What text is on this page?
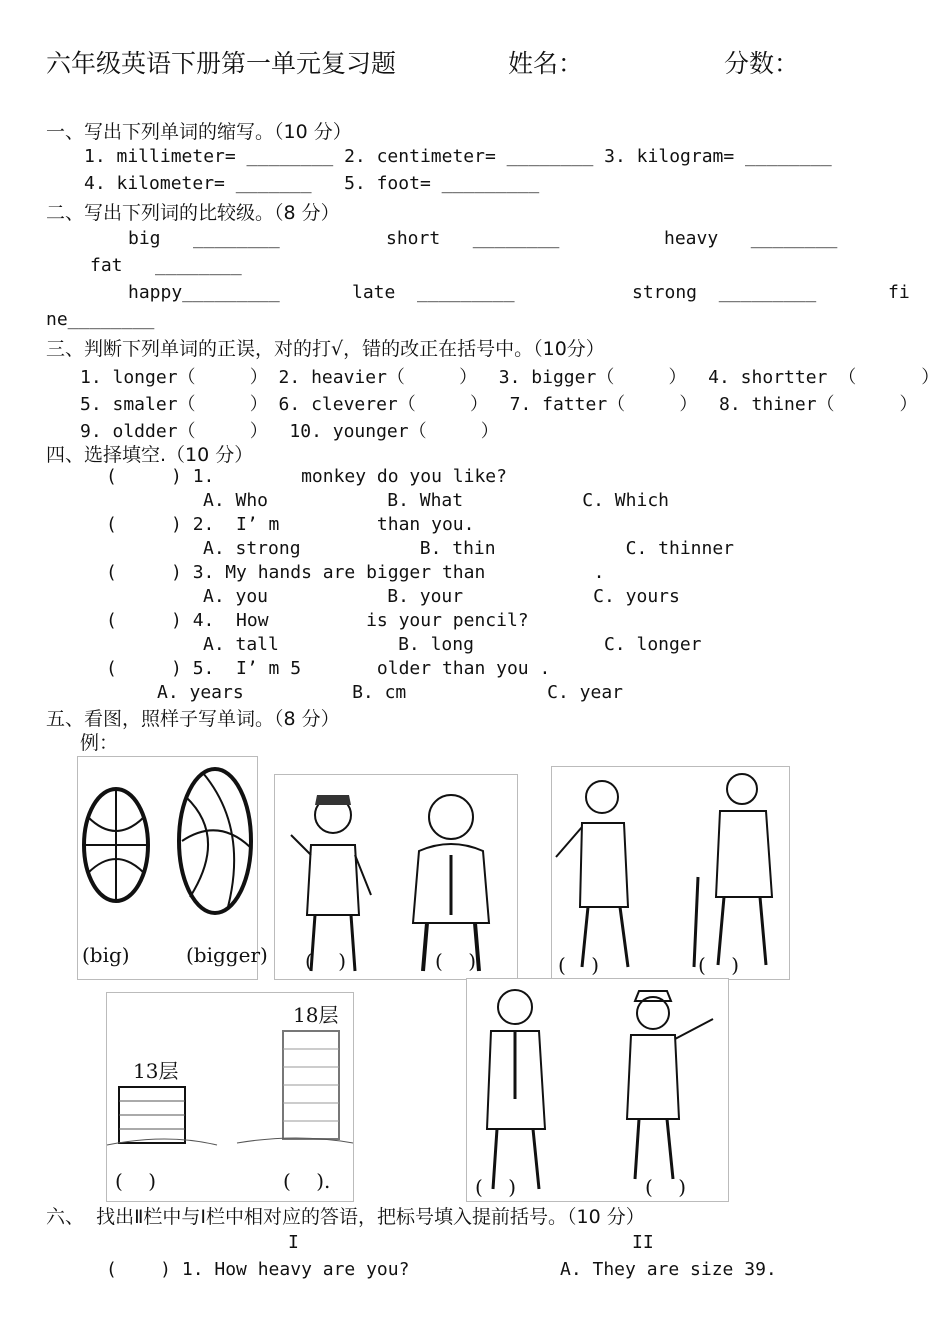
六年级英语下册第一单元复习题	姓名：	分数：
一、写出下列单词的缩写。（10 分）
1. millimeter= ________ 2. centimeter= ________ 3. kilogram= ________
4. kilometer= _______   5. foot= _________
二、写出下列词的比较级。（8 分）
big   ________	short   ________	heavy   ________
fat   ________
happy_________	late  _________	strong  _________	fi
ne________
三、判断下列单词的正误，对的打√，错的改正在括号中。（10分）
1. longer（     ） 2. heavier（     ）  3. bigger（     ）  4. shortter （      ）
5. smaler（     ） 6. cleverer（     ）  7. fatter（     ）  8. thiner（      ）
9. oldder（     ）  10. younger（     ）
四、选择填空.（10 分）
(     ) 1.        monkey do you like?
A. Who           B. What           C. Which
(     ) 2.  I’ m         than you.
A. strong           B. thin            C. thinner
(     ) 3. My hands are bigger than          .
A. you           B. your            C. yours
(     ) 4.  How         is your pencil?
A. tall           B. long            C. longer
(     ) 5.  I’ m 5       older than you .
A. years          B. cm             C. year
五、看图，照样子写单词。（8 分）
例：
(big)	(bigger) (    )	(    )	(    )	(    )
13层
18层
(    )	(    ).	(    )	(    )
六、  找出Ⅱ栏中与Ⅰ栏中相对应的答语，把标号填入提前括号。（10 分）
I	II
(    ) 1. How heavy are you?	A. They are size 39.
